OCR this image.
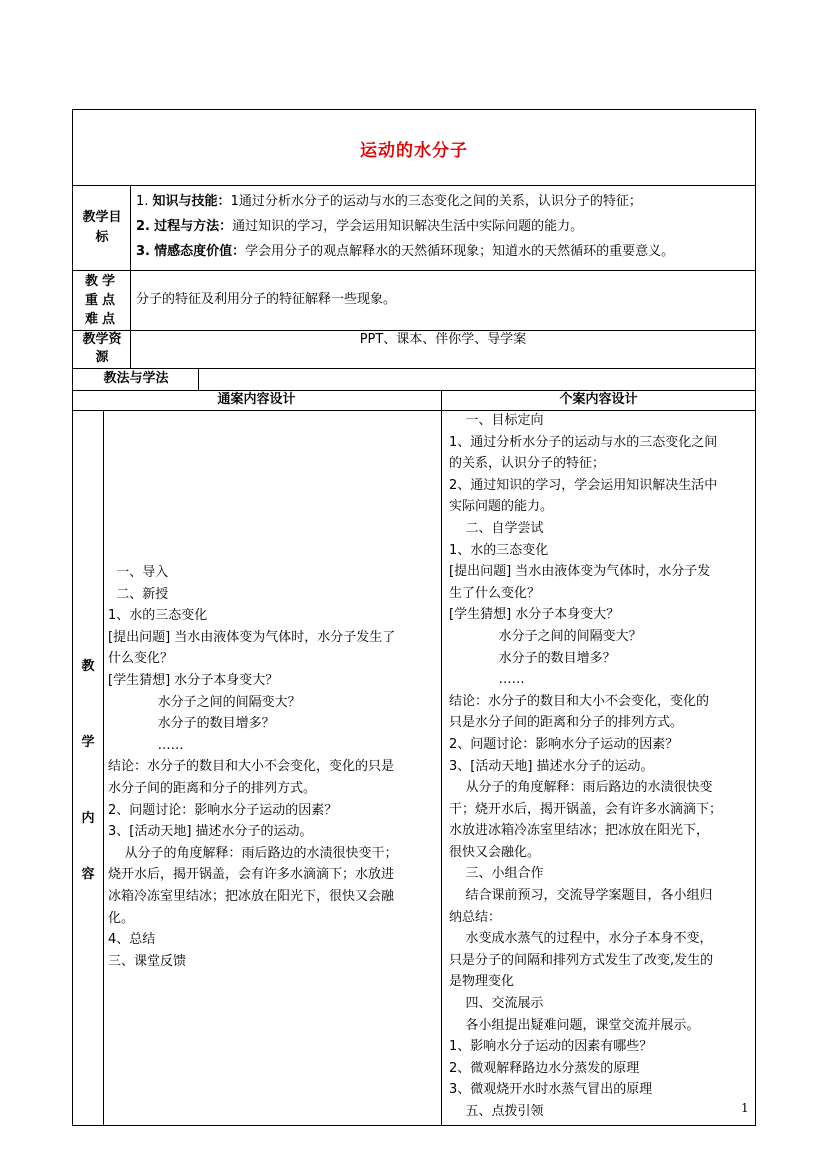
运动的水分子
教学目标
1. 知识与技能：1通过分析水分子的运动与水的三态变化之间的关系，认识分子的特征；
2. 过程与方法：通过知识的学习，学会运用知识解决生活中实际问题的能力。
3. 情感态度价值：学会用分子的观点解释水的天然循环现象；知道水的天然循环的重要意义。
教学重点难点
分子的特征及利用分子的特征解释一些现象。
教学资源
PPT、课本、伴你学、导学案
教法与学法
通案内容设计	个案内容设计
教
学
内
容

一、导入

二、新授

1、水的三态变化

[提出问题] 当水由液体变为气体时，水分子发生了

什么变化？

[学生猜想] 水分子本身变大？

水分子之间的间隔变大？

水分子的数目增多？

……

结论：水分子的数目和大小不会变化，变化的只是

水分子间的距离和分子的排列方式。

2、问题讨论：影响水分子运动的因素？

3、[活动天地] 描述水分子的运动。

从分子的角度解释：雨后路边的水渍很快变干；

烧开水后，揭开锅盖，会有许多水滴滴下；水放进

冰箱冷冻室里结冰；把冰放在阳光下，很快又会融

化。

4、总结

三、课堂反馈

一、目标定向

1、通过分析水分子的运动与水的三态变化之间

的关系，认识分子的特征；

2、通过知识的学习，学会运用知识解决生活中

实际问题的能力。

二、自学尝试

1、水的三态变化

[提出问题] 当水由液体变为气体时，水分子发

生了什么变化？

[学生猜想] 水分子本身变大？

水分子之间的间隔变大？

水分子的数目增多？

……

结论：水分子的数目和大小不会变化，变化的

只是水分子间的距离和分子的排列方式。

2、问题讨论：影响水分子运动的因素？

3、[活动天地] 描述水分子的运动。

从分子的角度解释：雨后路边的水渍很快变

干；烧开水后，揭开锅盖，会有许多水滴滴下；

水放进冰箱冷冻室里结冰；把冰放在阳光下，

很快又会融化。

三、小组合作

结合课前预习，交流导学案题目，各小组归

纳总结：

水变成水蒸气的过程中，水分子本身不变，

只是分子的间隔和排列方式发生了改变,发生的

是物理变化

四、交流展示

各小组提出疑难问题，课堂交流并展示。

1、影响水分子运动的因素有哪些？

2、微观解释路边水分蒸发的原理

3、微观烧开水时水蒸气冒出的原理

五、点拨引领	1
